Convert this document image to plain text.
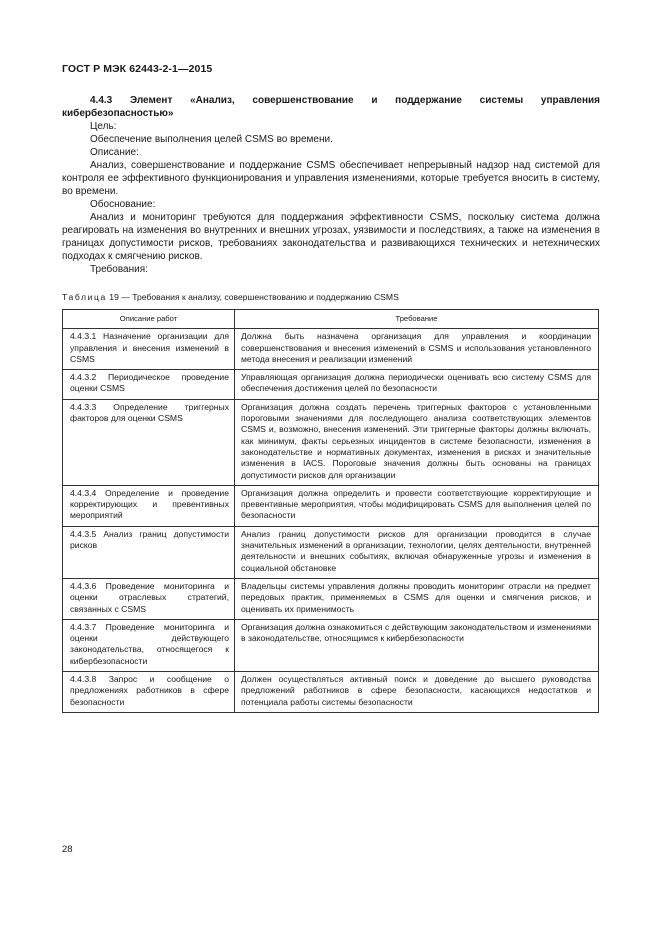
ГОСТ Р МЭК 62443-2-1—2015

4.4.3 Элемент «Анализ, совершенствование и поддержание системы управления кибербезопасностью»

Цель:

Обеспечение выполнения целей CSMS во времени.

Описание:

Анализ, совершенствование и поддержание CSMS обеспечивает непрерывный надзор над системой для контроля ее эффективного функционирования и управления изменениями, которые требуется вносить в систему, во времени.

Обоснование:

Анализ и мониторинг требуются для поддержания эффективности CSMS, поскольку система должна реагировать на изменения во внутренних и внешних угрозах, уязвимости и последствиях, а также на изменения в границах допустимости рисков, требованиях законодательства и развивающихся технических и нетехнических подходах к смягчению рисков.

Требования:

Таблица 19 — Требования к анализу, совершенствованию и поддержанию CSMS
Описание работ	Требование
4.4.3.1 Назначение организации для управления и внесения изменений в CSMS	Должна быть назначена организация для управления и координации совершенствования и внесения изменений в CSMS и использования установленного метода внесения и реализации изменений
4.4.3.2 Периодическое проведение оценки CSMS	Управляющая организация должна периодически оценивать всю систему CSMS для обеспечения достижения целей по безопасности
4.4.3.3 Определение триггерных факторов для оценки CSMS	Организация должна создать перечень триггерных факторов с установленными пороговыми значениями для последующего анализа соответствующих элементов CSMS и, возможно, внесения изменений. Эти триггерные факторы должны включать, как минимум, факты серьезных инцидентов в системе безопасности, изменения в законодательстве и нормативных документах, изменения в рисках и значительные изменения в IACS. Пороговые значения должны быть основаны на границах допустимости рисков для организации
4.4.3.4 Определение и проведение корректирующих и превентивных мероприятий	Организация должна определить и провести соответствующие корректирующие и превентивные мероприятия, чтобы модифицировать CSMS для выполнения целей по безопасности
4.4.3.5 Анализ границ допустимости рисков	Анализ границ допустимости рисков для организации проводится в случае значительных изменений в организации, технологии, целях деятельности, внутренней деятельности и внешних событиях, включая обнаруженные угрозы и изменения в социальной обстановке
4.4.3.6 Проведение мониторинга и оценки отраслевых стратегий, связанных с CSMS	Владельцы системы управления должны проводить мониторинг отрасли на предмет передовых практик, применяемых в CSMS для оценки и смягчения рисков, и оценивать их применимость
4.4.3.7 Проведение мониторинга и оценки действующего законодательства, относящегося к кибербезопасности	Организация должна ознакомиться с действующим законодательством и изменениями в законодательстве, относящимся к кибербезопасности
4.4.3.8 Запрос и сообщение о предложениях работников в сфере безопасности	Должен осуществляться активный поиск и доведение до высшего руководства предложений работников в сфере безопасности, касающихся недостатков и потенциала работы системы безопасности
28
